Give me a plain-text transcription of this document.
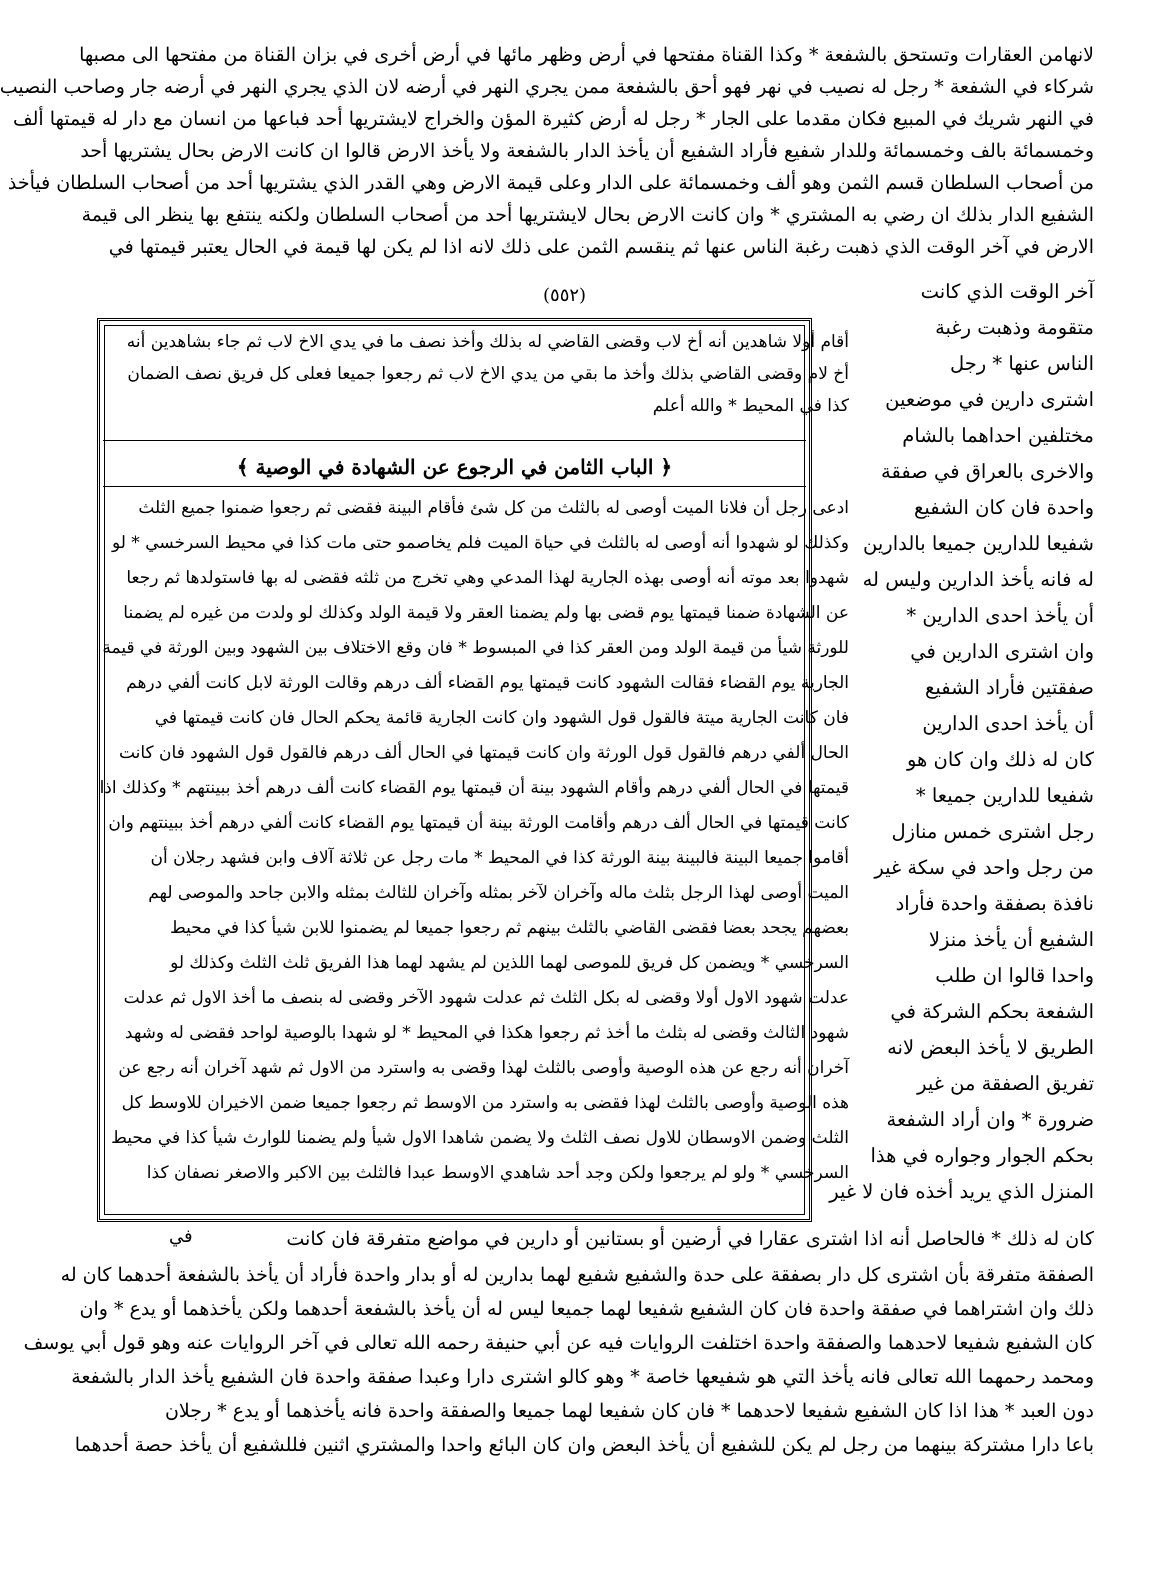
لانهامن العقارات وتستحق بالشفعة * وكذا القناة مفتحها في أرض وظهر مائها في أرض أخرى في بزان القناة من مفتحها الى مصبها
شركاء في الشفعة * رجل له نصيب في نهر فهو أحق بالشفعة ممن يجري النهر في أرضه لان الذي يجري النهر في أرضه جار وصاحب النصيب
في النهر شريك في المبيع فكان مقدما على الجار * رجل له أرض كثيرة المؤن والخراج لايشتريها أحد فباعها من انسان مع دار له قيمتها ألف
وخمسمائة بالف وخمسمائة وللدار شفيع فأراد الشفيع أن يأخذ الدار بالشفعة ولا يأخذ الارض قالوا ان كانت الارض بحال يشتريها أحد
من أصحاب السلطان قسم الثمن وهو ألف وخمسمائة على الدار وعلى قيمة الارض وهي القدر الذي يشتريها أحد من أصحاب السلطان فيأخذ
الشفيع الدار بذلك ان رضي به المشتري * وان كانت الارض بحال لايشتريها أحد من أصحاب السلطان ولكنه ينتفع بها ينظر الى قيمة
الارض في آخر الوقت الذي ذهبت رغبة الناس عنها ثم ينقسم الثمن على ذلك لانه اذا لم يكن لها قيمة في الحال يعتبر قيمتها في
(٥٥٢)	آخر الوقت الذي كانت
متقومة وذهبت رغبة
الناس عنها * رجل
اشترى دارين في موضعين
مختلفين احداهما بالشام
والاخرى بالعراق في صفقة
واحدة فان كان الشفيع
شفيعا للدارين جميعا بالدارين
له فانه يأخذ الدارين وليس له
أن يأخذ احدى الدارين *
وان اشترى الدارين في
صفقتين فأراد الشفيع
أن يأخذ احدى الدارين
كان له ذلك وان كان هو
شفيعا للدارين جميعا *
رجل اشترى خمس منازل
من رجل واحد في سكة غير
نافذة بصفقة واحدة فأراد
الشفيع أن يأخذ منزلا
واحدا قالوا ان طلب
الشفعة بحكم الشركة في
الطريق لا يأخذ البعض لانه
تفريق الصفقة من غير
ضرورة * وان أراد الشفعة
بحكم الجوار وجواره في هذا
المنزل الذي يريد أخذه فان لا غير
أقام أولا شاهدين أنه أخ لاب وقضى القاضي له بذلك وأخذ نصف ما في يدي الاخ لاب ثم جاء بشاهدين أنه
أخ لام وقضى القاضي بذلك وأخذ ما بقي من يدي الاخ لاب ثم رجعوا جميعا فعلى كل فريق نصف الضمان
كذا في المحيط * والله أعلم
﴿ الباب الثامن في الرجوع عن الشهادة في الوصية ﴾
ادعى رجل أن فلانا الميت أوصى له بالثلث من كل شئ فأقام البينة فقضى ثم رجعوا ضمنوا جميع الثلث
وكذلك لو شهدوا أنه أوصى له بالثلث في حياة الميت فلم يخاصمو حتى مات كذا في محيط السرخسي * لو
شهدوا بعد موته أنه أوصى بهذه الجارية لهذا المدعي وهي تخرج من ثلثه فقضى له بها فاستولدها ثم رجعا
عن الشهادة ضمنا قيمتها يوم قضى بها ولم يضمنا العقر ولا قيمة الولد وكذلك لو ولدت من غيره لم يضمنا
للورثة شيأ من قيمة الولد ومن العقر كذا في المبسوط * فان وقع الاختلاف بين الشهود وبين الورثة في قيمة
الجارية يوم القضاء فقالت الشهود كانت قيمتها يوم القضاء ألف درهم وقالت الورثة لابل كانت ألفي درهم
فان كانت الجارية ميتة فالقول قول الشهود وان كانت الجارية قائمة يحكم الحال فان كانت قيمتها في
الحال ألفي درهم فالقول قول الورثة وان كانت قيمتها في الحال ألف درهم فالقول قول الشهود فان كانت
قيمتها في الحال ألفي درهم وأقام الشهود بينة أن قيمتها يوم القضاء كانت ألف درهم أخذ ببينتهم * وكذلك اذا
كانت قيمتها في الحال ألف درهم وأقامت الورثة بينة أن قيمتها يوم القضاء كانت ألفي درهم أخذ ببينتهم وان
أقاموا جميعا البينة فالبينة بينة الورثة كذا في المحيط * مات رجل عن ثلاثة آلاف وابن فشهد رجلان أن
الميت أوصى لهذا الرجل بثلث ماله وآخران لآخر بمثله وآخران للثالث بمثله والابن جاحد والموصى لهم
بعضهم يجحد بعضا فقضى القاضي بالثلث بينهم ثم رجعوا جميعا لم يضمنوا للابن شيأ كذا في محيط
السرخسي * ويضمن كل فريق للموصى لهما اللذين لم يشهد لهما هذا الفريق ثلث الثلث وكذلك لو
عدلت شهود الاول أولا وقضى له بكل الثلث ثم عدلت شهود الآخر وقضى له بنصف ما أخذ الاول ثم عدلت
شهود الثالث وقضى له بثلث ما أخذ ثم رجعوا هكذا في المحيط * لو شهدا بالوصية لواحد فقضى له وشهد
آخران أنه رجع عن هذه الوصية وأوصى بالثلث لهذا وقضى به واسترد من الاول ثم شهد آخران أنه رجع عن
هذه الوصية وأوصى بالثلث لهذا فقضى به واسترد من الاوسط ثم رجعوا جميعا ضمن الاخيران للاوسط كل
الثلث وضمن الاوسطان للاول نصف الثلث ولا يضمن شاهدا الاول شيأ ولم يضمنا للوارث شيأ كذا في محيط
السرخسي * ولو لم يرجعوا ولكن وجد أحد شاهدي الاوسط عبدا فالثلث بين الاكبر والاصغر نصفان كذا
في	كان له ذلك * فالحاصل أنه اذا اشترى عقارا في أرضين أو بستانين أو دارين في مواضع متفرقة فان كانت
الصفقة متفرقة بأن اشترى كل دار بصفقة على حدة والشفيع شفيع لهما بدارين له أو بدار واحدة فأراد أن يأخذ بالشفعة أحدهما كان له
ذلك وان اشتراهما في صفقة واحدة فان كان الشفيع شفيعا لهما جميعا ليس له أن يأخذ بالشفعة أحدهما ولكن يأخذهما أو يدع * وان
كان الشفيع شفيعا لاحدهما والصفقة واحدة اختلفت الروايات فيه عن أبي حنيفة رحمه الله تعالى في آخر الروايات عنه وهو قول أبي يوسف
ومحمد رحمهما الله تعالى فانه يأخذ التي هو شفيعها خاصة * وهو كالو اشترى دارا وعبدا صفقة واحدة فان الشفيع يأخذ الدار بالشفعة
دون العبد * هذا اذا كان الشفيع شفيعا لاحدهما * فان كان شفيعا لهما جميعا والصفقة واحدة فانه يأخذهما أو يدع * رجلان
باعا دارا مشتركة بينهما من رجل لم يكن للشفيع أن يأخذ البعض وان كان البائع واحدا والمشتري اثنين فللشفيع أن يأخذ حصة أحدهما
